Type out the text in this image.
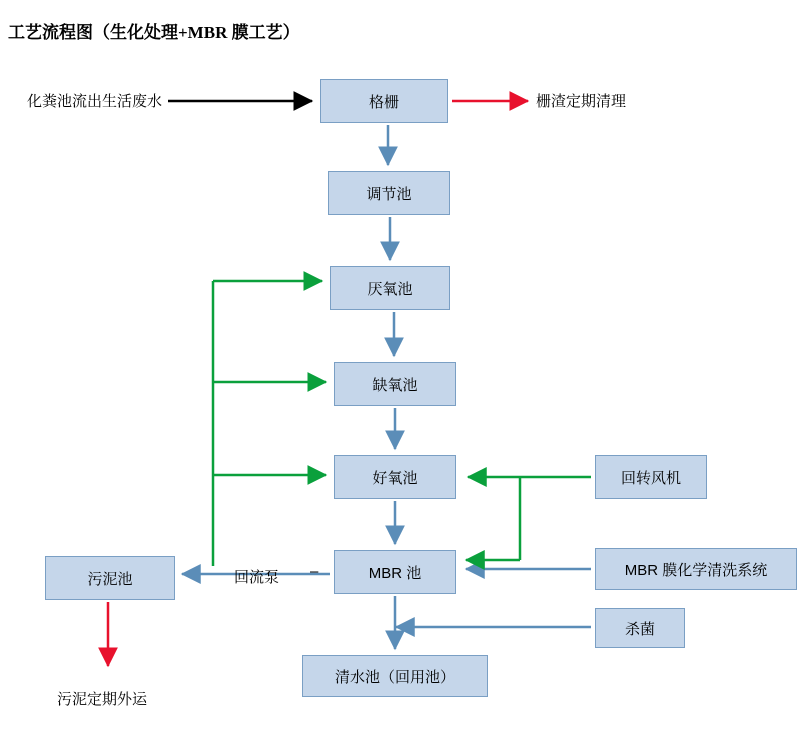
工艺流程图（生化处理+MBR 膜工艺）
格栅
调节池
厌氧池
缺氧池
好氧池
MBR 池
清水池（回用池）
污泥池
回转风机
MBR 膜化学清洗系统
杀菌
化粪池流出生活废水	栅渣定期清理
回流泵 –
污泥定期外运
